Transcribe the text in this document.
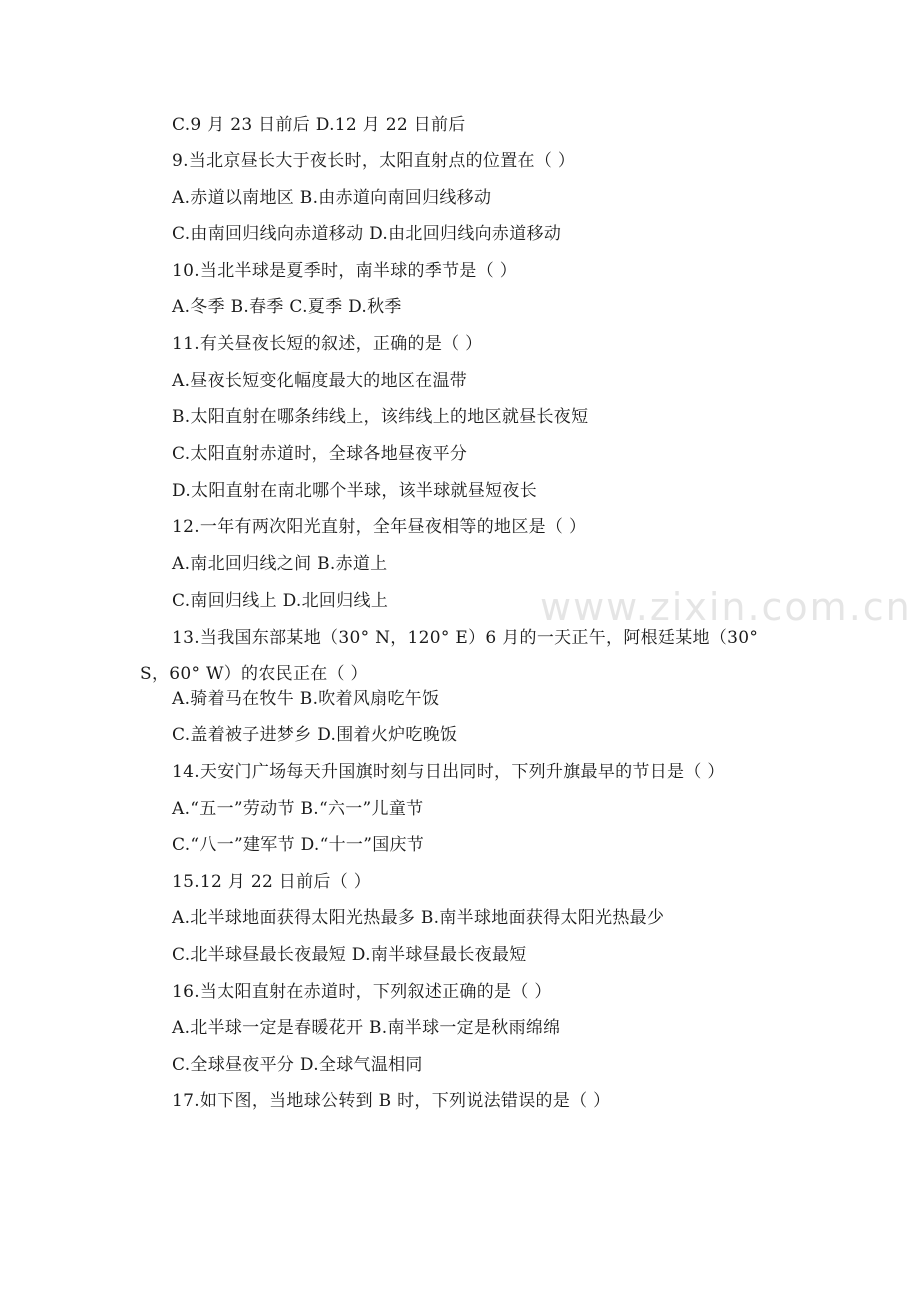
C.9 月 23 日前后 D.12 月 22 日前后
9.当北京昼长大于夜长时，太阳直射点的位置在（ ）
A.赤道以南地区 B.由赤道向南回归线移动
C.由南回归线向赤道移动 D.由北回归线向赤道移动
10.当北半球是夏季时，南半球的季节是（ ）
A.冬季 B.春季 C.夏季 D.秋季
11.有关昼夜长短的叙述，正确的是（ ）
A.昼夜长短变化幅度最大的地区在温带
B.太阳直射在哪条纬线上，该纬线上的地区就昼长夜短
C.太阳直射赤道时，全球各地昼夜平分
D.太阳直射在南北哪个半球，该半球就昼短夜长
12.一年有两次阳光直射，全年昼夜相等的地区是（ ）
A.南北回归线之间 B.赤道上
C.南回归线上 D.北回归线上
13.当我国东部某地（30° N，120° E）6 月的一天正午，阿根廷某地（30° S，60° W）的农民正在（ ）
A.骑着马在牧牛 B.吹着风扇吃午饭
C.盖着被子进梦乡 D.围着火炉吃晚饭
14.天安门广场每天升国旗时刻与日出同时，下列升旗最早的节日是（ ）
A.“五一”劳动节 B.“六一”儿童节
C.“八一”建军节 D.“十一”国庆节
15.12 月 22 日前后（ ）
A.北半球地面获得太阳光热最多 B.南半球地面获得太阳光热最少
C.北半球昼最长夜最短 D.南半球昼最长夜最短
16.当太阳直射在赤道时，下列叙述正确的是（ ）
A.北半球一定是春暖花开 B.南半球一定是秋雨绵绵
C.全球昼夜平分 D.全球气温相同
17.如下图，当地球公转到 B 时，下列说法错误的是（ ）
www.zixin.com.cn
